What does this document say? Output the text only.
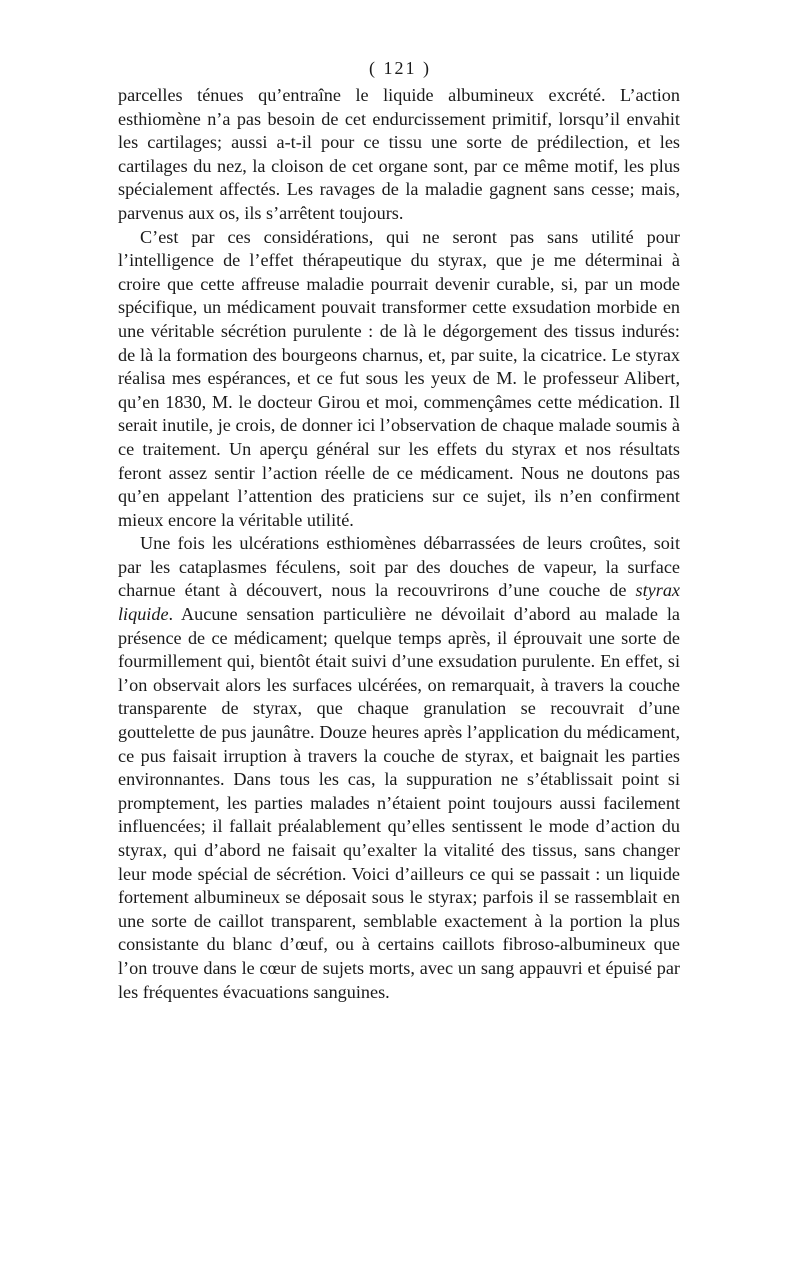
( 121 )

parcelles ténues qu’entraîne le liquide albumineux excrété. L’action esthiomène n’a pas besoin de cet endurcissement primitif, lorsqu’il envahit les cartilages; aussi a-t-il pour ce tissu une sorte de prédilection, et les cartilages du nez, la cloison de cet organe sont, par ce même motif, les plus spécialement affectés. Les ravages de la maladie gagnent sans cesse; mais, parvenus aux os, ils s’arrêtent toujours.

C’est par ces considérations, qui ne seront pas sans utilité pour l’intelligence de l’effet thérapeutique du styrax, que je me déterminai à croire que cette affreuse maladie pourrait devenir curable, si, par un mode spécifique, un médicament pouvait transformer cette exsudation morbide en une véritable sécrétion purulente : de là le dégorgement des tissus indurés: de là la formation des bourgeons charnus, et, par suite, la cicatrice. Le styrax réalisa mes espérances, et ce fut sous les yeux de M. le professeur Alibert, qu’en 1830, M. le docteur Girou et moi, commençâmes cette médication. Il serait inutile, je crois, de donner ici l’observation de chaque malade soumis à ce traitement. Un aperçu général sur les effets du styrax et nos résultats feront assez sentir l’action réelle de ce médicament. Nous ne doutons pas qu’en appelant l’attention des praticiens sur ce sujet, ils n’en confirment mieux encore la véritable utilité.

Une fois les ulcérations esthiomènes débarrassées de leurs croûtes, soit par les cataplasmes féculens, soit par des douches de vapeur, la surface charnue étant à découvert, nous la recouvrirons d’une couche de styrax liquide. Aucune sensation particulière ne dévoilait d’abord au malade la présence de ce médicament; quelque temps après, il éprouvait une sorte de fourmillement qui, bientôt était suivi d’une exsudation purulente. En effet, si l’on observait alors les surfaces ulcérées, on remarquait, à travers la couche transparente de styrax, que chaque granulation se recouvrait d’une gouttelette de pus jaunâtre. Douze heures après l’application du médicament, ce pus faisait irruption à travers la couche de styrax, et baignait les parties environnantes. Dans tous les cas, la suppuration ne s’établissait point si promptement, les parties malades n’étaient point toujours aussi facilement influencées; il fallait préalablement qu’elles sentissent le mode d’action du styrax, qui d’abord ne faisait qu’exalter la vitalité des tissus, sans changer leur mode spécial de sécrétion. Voici d’ailleurs ce qui se passait : un liquide fortement albumineux se déposait sous le styrax; parfois il se rassemblait en une sorte de caillot transparent, semblable exactement à la portion la plus consistante du blanc d’œuf, ou à certains caillots fibroso-albumineux que l’on trouve dans le cœur de sujets morts, avec un sang appauvri et épuisé par les fréquentes évacuations sanguines.
